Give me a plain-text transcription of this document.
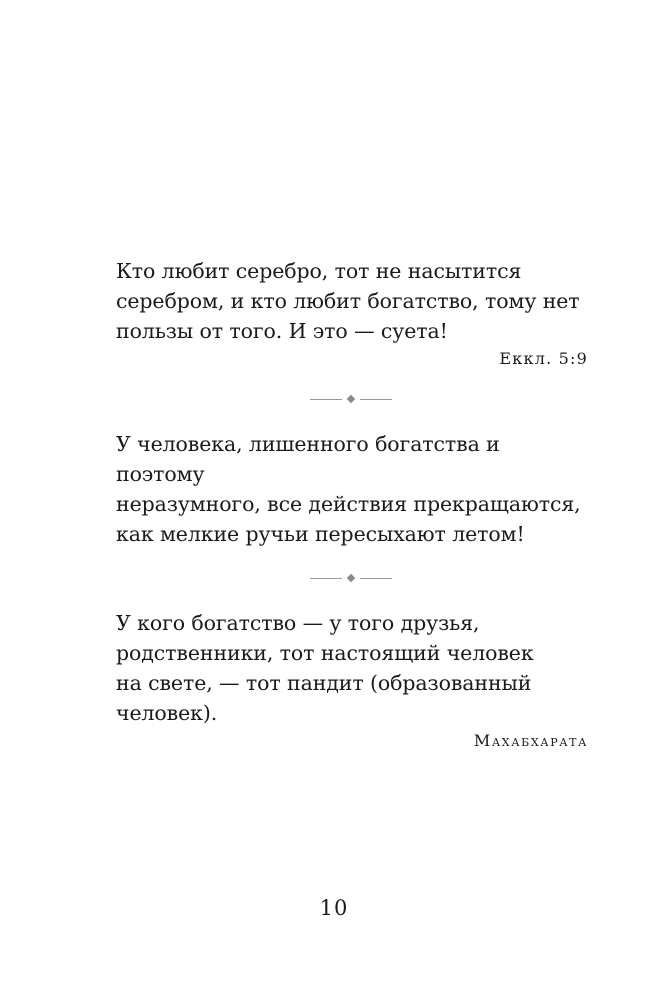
Кто любит серебро, тот не насытится
серебром, и кто любит богатство, тому нет
пользы от того. И это — суета!

Еккл. 5:9

У человека, лишенного богатства и поэтому
неразумного, все действия прекращаются,
как мелкие ручьи пересыхают летом!

У кого богатство — у того друзья,
родственники, тот настоящий человек
на свете, — тот пандит (образованный
человек).

Махабхарата
10
